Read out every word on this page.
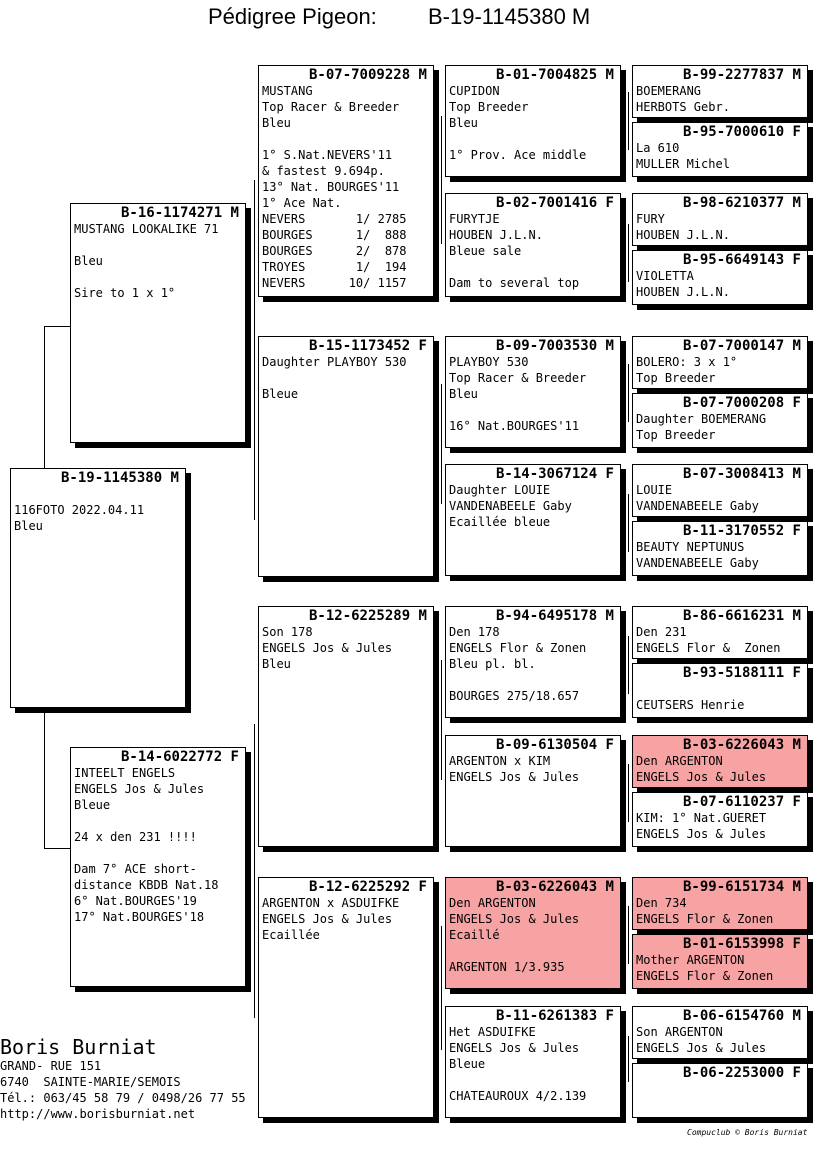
Pédigree Pigeon: B-19-1145380 M
B-19-1145380 M
116FOTO 2022.04.11
Bleu
B-16-1174271 M
MUSTANG LOOKALIKE 71
Bleu
Sire to 1 x 1°
B-14-6022772 F
INTEELT ENGELS
ENGELS Jos & Jules
Bleue
24 x den 231 !!!!
Dam 7° ACE short-
distance KBDB Nat.18
6° Nat.BOURGES'19
17° Nat.BOURGES'18
B-07-7009228 M
MUSTANG
Top Racer & Breeder
Bleu
1° S.Nat.NEVERS'11
& fastest 9.694p.
13° Nat. BOURGES'11
1° Ace Nat.
NEVERS       1/ 2785
BOURGES      1/  888
BOURGES      2/  878
TROYES       1/  194
NEVERS      10/ 1157
B-15-1173452 F
Daughter PLAYBOY 530
Bleue
B-12-6225289 M
Son 178
ENGELS Jos & Jules
Bleu
B-12-6225292 F
ARGENTON x ASDUIFKE
ENGELS Jos & Jules
Ecaillée
B-01-7004825 M
CUPIDON
Top Breeder
Bleu
1° Prov. Ace middle
B-02-7001416 F
FURYTJE
HOUBEN J.L.N.
Bleue sale
Dam to several top
B-09-7003530 M
PLAYBOY 530
Top Racer & Breeder
Bleu
16° Nat.BOURGES'11
B-14-3067124 F
Daughter LOUIE
VANDENABEELE Gaby
Ecaillée bleue
B-94-6495178 M
Den 178
ENGELS Flor & Zonen
Bleu pl. bl.
BOURGES 275/18.657
B-09-6130504 F
ARGENTON x KIM
ENGELS Jos & Jules
B-03-6226043 M
Den ARGENTON
ENGELS Jos & Jules
Ecaillé
ARGENTON 1/3.935
B-11-6261383 F
Het ASDUIFKE
ENGELS Jos & Jules
Bleue
CHATEAUROUX 4/2.139
B-99-2277837 M
BOEMERANG
HERBOTS Gebr.
B-95-7000610 F
La 610
MULLER Michel
B-98-6210377 M
FURY
HOUBEN J.L.N.
B-95-6649143 F
VIOLETTA
HOUBEN J.L.N.
B-07-7000147 M
BOLERO: 3 x 1°
Top Breeder
B-07-7000208 F
Daughter BOEMERANG
Top Breeder
B-07-3008413 M
LOUIE
VANDENABEELE Gaby
B-11-3170552 F
BEAUTY NEPTUNUS
VANDENABEELE Gaby
B-86-6616231 M
Den 231
ENGELS Flor &  Zonen
B-93-5188111 F
CEUTSERS Henrie
B-03-6226043 M
Den ARGENTON
ENGELS Jos & Jules
B-07-6110237 F
KIM: 1° Nat.GUERET
ENGELS Jos & Jules
B-99-6151734 M
Den 734
ENGELS Flor & Zonen
B-01-6153998 F
Mother ARGENTON
ENGELS Flor & Zonen
B-06-6154760 M
Son ARGENTON
ENGELS Jos & Jules
B-06-2253000 F
Boris Burniat
GRAND- RUE 151
6740  SAINTE-MARIE/SEMOIS
Tél.: 063/45 58 79 / 0498/26 77 55
http://www.borisburniat.net
Compuclub © Boris Burniat
